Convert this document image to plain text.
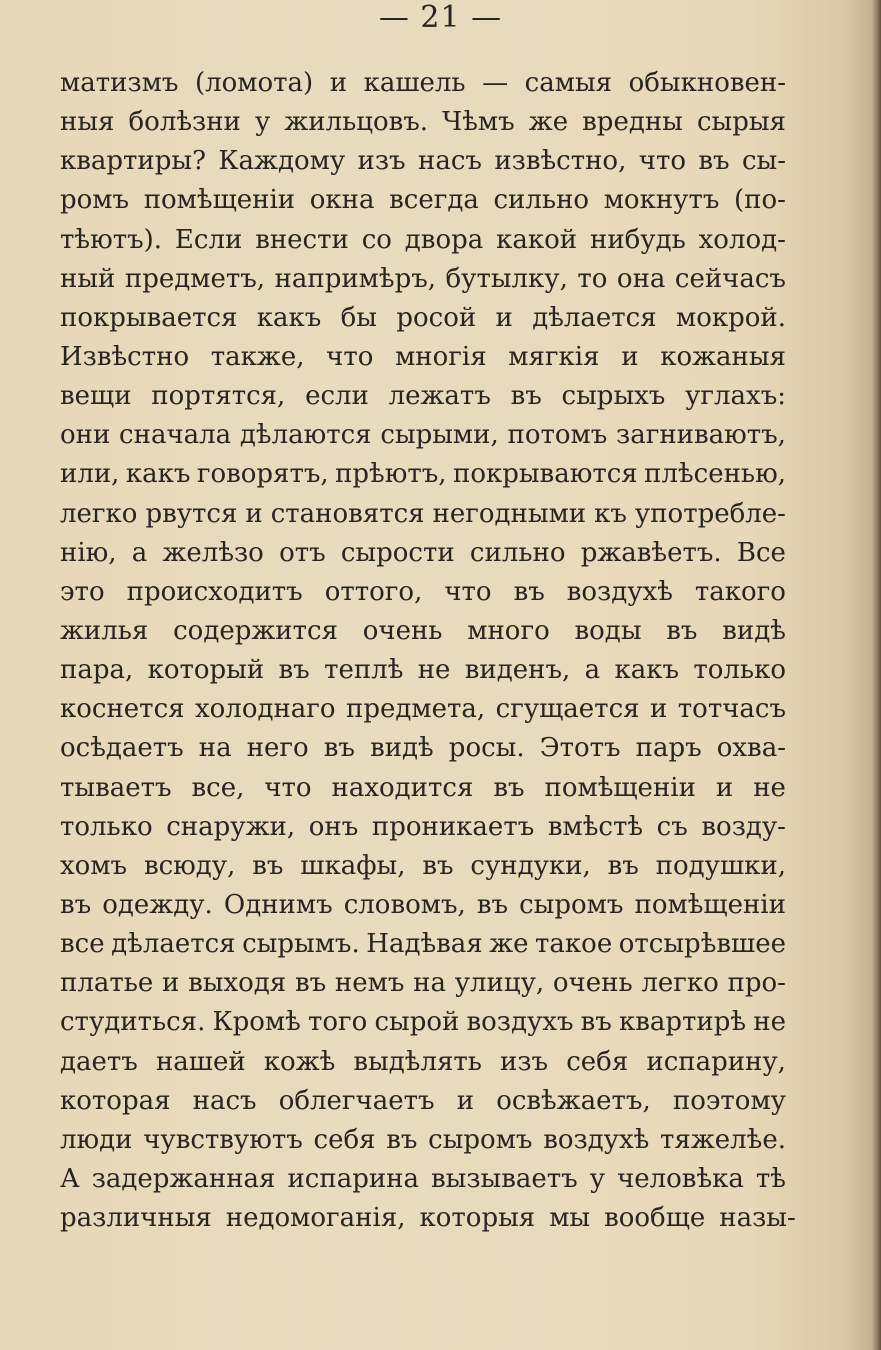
— 21 —
матизмъ (ломота) и кашель — самыя обыкновен-
ныя болѣзни у жильцовъ. Чѣмъ же вредны сырыя
квартиры? Каждому изъ насъ извѣстно, что въ сы-
ромъ помѣщеніи окна всегда сильно мокнутъ (по-
тѣютъ). Если внести со двора какой нибудь холод-
ный предметъ, напримѣръ, бутылку, то она сейчасъ
покрывается какъ бы росой и дѣлается мокрой.
Извѣстно также, что многія мягкія и кожаныя
вещи портятся, если лежатъ въ сырыхъ углахъ:
они сначала дѣлаются сырыми, потомъ загниваютъ,
или, какъ говорятъ, прѣютъ, покрываются плѣсенью,
легко рвутся и становятся негодными къ употребле-
нію, а желѣзо отъ сырости сильно ржавѣетъ. Все
это происходитъ оттого, что въ воздухѣ такого
жилья содержится очень много воды въ видѣ
пара, который въ теплѣ не виденъ, а какъ только
коснется холоднаго предмета, сгущается и тотчасъ
осѣдаетъ на него въ видѣ росы. Этотъ паръ охва-
тываетъ все, что находится въ помѣщеніи и не
только снаружи, онъ проникаетъ вмѣстѣ съ возду-
хомъ всюду, въ шкафы, въ сундуки, въ подушки,
въ одежду. Однимъ словомъ, въ сыромъ помѣщеніи
все дѣлается сырымъ. Надѣвая же такое отсырѣвшее
платье и выходя въ немъ на улицу, очень легко про-
студиться. Кромѣ того сырой воздухъ въ квартирѣ не
даетъ нашей кожѣ выдѣлять изъ себя испарину,
которая насъ облегчаетъ и освѣжаетъ, поэтому
люди чувствуютъ себя въ сыромъ воздухѣ тяжелѣе.
А задержанная испарина вызываетъ у человѣка тѣ
различныя недомоганія, которыя мы вообще назы-
